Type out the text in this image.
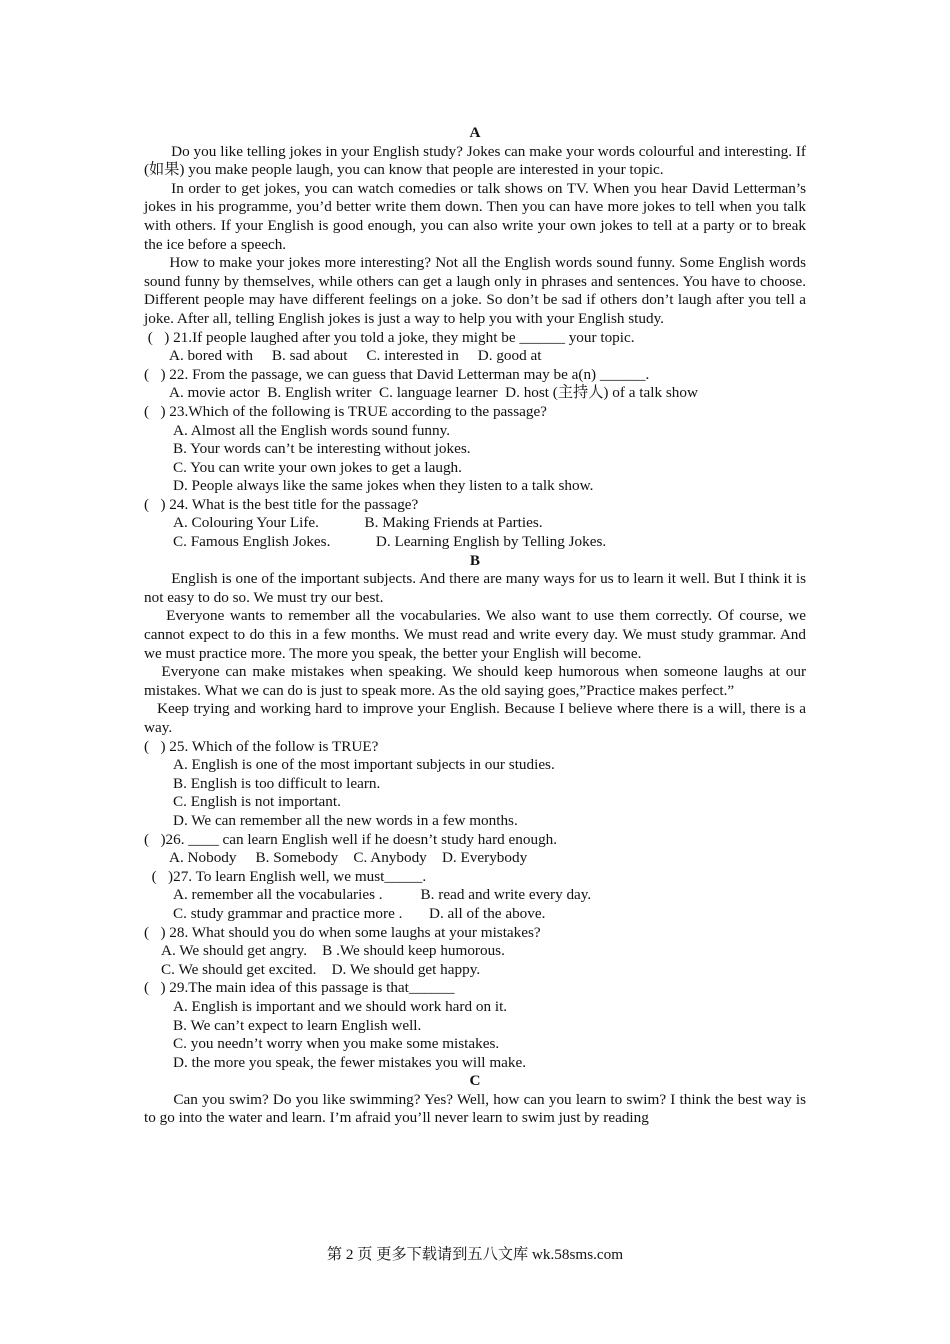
A
Do you like telling jokes in your English study? Jokes can make your words colourful and interesting. If (如果) you make people laugh, you can know that people are interested in your topic.
In order to get jokes, you can watch comedies or talk shows on TV. When you hear David Letterman’s jokes in his programme, you’d better write them down. Then you can have more jokes to tell when you talk with others. If your English is good enough, you can also write your own jokes to tell at a party or to break the ice before a speech.
How to make your jokes more interesting? Not all the English words sound funny. Some English words sound funny by themselves, while others can get a laugh only in phrases and sentences. You have to choose. Different people may have different feelings on a joke. So don’t be sad if others don’t laugh after you tell a joke. After all, telling English jokes is just a way to help you with your English study.
(   ) 21.If people laughed after you told a joke, they might be ______ your topic.
A. bored with     B. sad about     C. interested in     D. good at
(   ) 22. From the passage, we can guess that David Letterman may be a(n) ______.
A. movie actor  B. English writer  C. language learner  D. host (主持人) of a talk show
(   ) 23.Which of the following is TRUE according to the passage?
A. Almost all the English words sound funny.
B. Your words can’t be interesting without jokes.
C. You can write your own jokes to get a laugh.
D. People always like the same jokes when they listen to a talk show.
(   ) 24. What is the best title for the passage?
A. Colouring Your Life.            B. Making Friends at Parties.
C. Famous English Jokes.            D. Learning English by Telling Jokes.
B
English is one of the important subjects. And there are many ways for us to learn it well. But I think it is not easy to do so. We must try our best.
Everyone wants to remember all the vocabularies. We also want to use them correctly. Of course, we cannot expect to do this in a few months. We must read and write every day. We must study grammar. And we must practice more. The more you speak, the better your English will become.
Everyone can make mistakes when speaking. We should keep humorous when someone laughs at our mistakes. What we can do is just to speak more. As the old saying goes,”Practice makes perfect.”
Keep trying and working hard to improve your English. Because I believe where there is a will, there is a way.
(   ) 25. Which of the follow is TRUE?
A. English is one of the most important subjects in our studies.
B. English is too difficult to learn.
C. English is not important.
D. We can remember all the new words in a few months.
(   )26. ____ can learn English well if he doesn’t study hard enough.
A. Nobody     B. Somebody    C. Anybody    D. Everybody
(   )27. To learn English well, we must_____.
A. remember all the vocabularies .          B. read and write every day.
C. study grammar and practice more .       D. all of the above.
(   ) 28. What should you do when some laughs at your mistakes?
A. We should get angry.    B .We should keep humorous.
C. We should get excited.    D. We should get happy.
(   ) 29.The main idea of this passage is that______
A. English is important and we should work hard on it.
B. We can’t expect to learn English well.
C. you needn’t worry when you make some mistakes.
D. the more you speak, the fewer mistakes you will make.
C
Can you swim? Do you like swimming? Yes? Well, how can you learn to swim? I think the best way is to go into the water and learn. I’m afraid you’ll never learn to swim just by reading
第 2 页 更多下载请到五八文库 wk.58sms.com
